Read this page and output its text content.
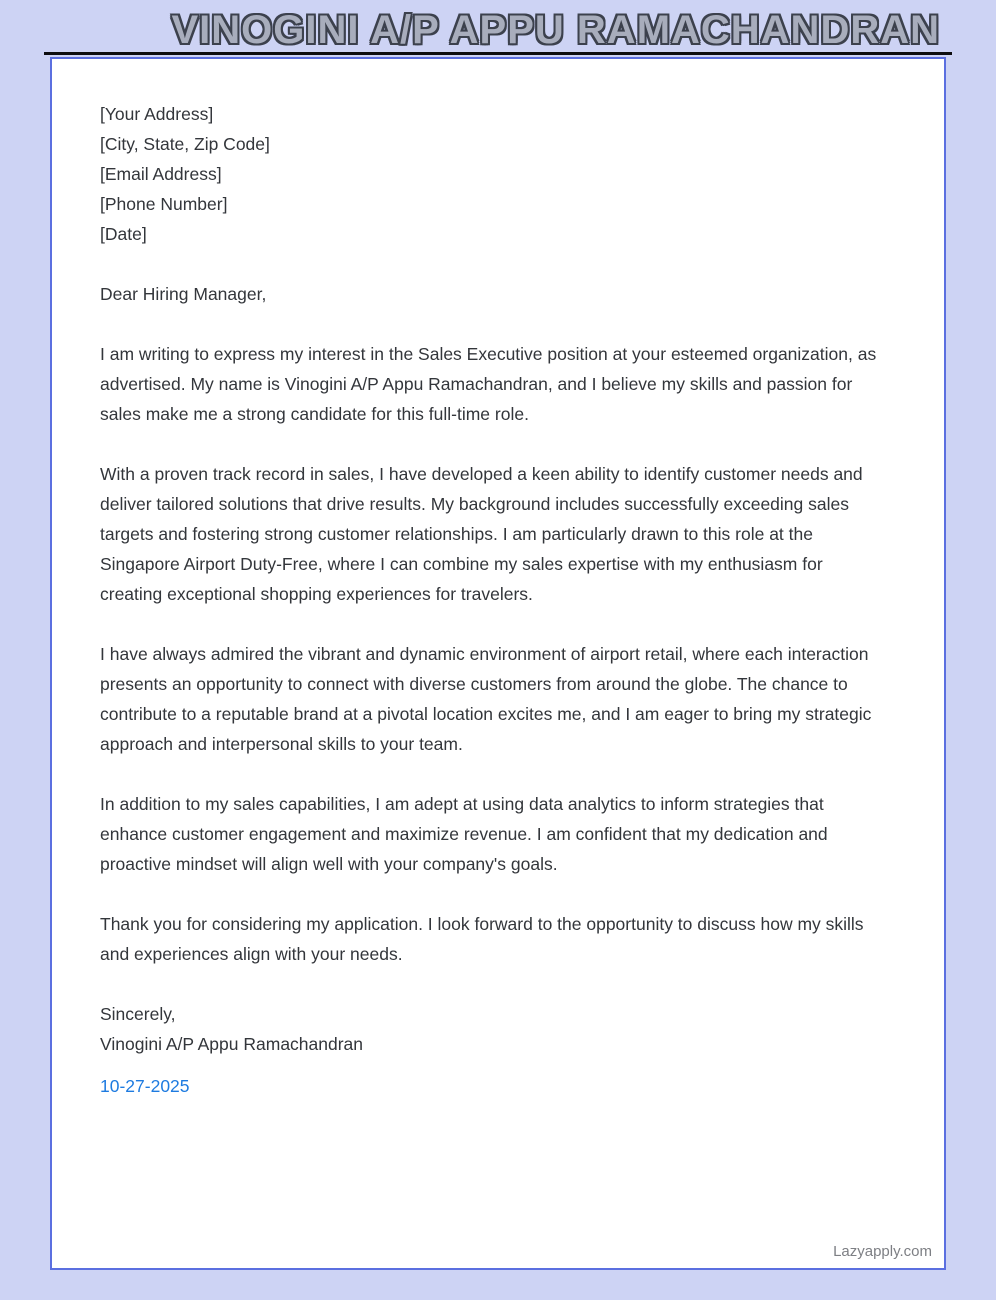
VINOGINI A/P APPU RAMACHANDRAN

[Your Address]

[City, State, Zip Code]

[Email Address]

[Phone Number]

[Date]

Dear Hiring Manager,

I am writing to express my interest in the Sales Executive position at your esteemed organization, as advertised. My name is Vinogini A/P Appu Ramachandran, and I believe my skills and passion for sales make me a strong candidate for this full-time role.

With a proven track record in sales, I have developed a keen ability to identify customer needs and deliver tailored solutions that drive results. My background includes successfully exceeding sales targets and fostering strong customer relationships. I am particularly drawn to this role at the Singapore Airport Duty-Free, where I can combine my sales expertise with my enthusiasm for creating exceptional shopping experiences for travelers.

I have always admired the vibrant and dynamic environment of airport retail, where each interaction presents an opportunity to connect with diverse customers from around the globe. The chance to contribute to a reputable brand at a pivotal location excites me, and I am eager to bring my strategic approach and interpersonal skills to your team.

In addition to my sales capabilities, I am adept at using data analytics to inform strategies that enhance customer engagement and maximize revenue. I am confident that my dedication and proactive mindset will align well with your company's goals.

Thank you for considering my application. I look forward to the opportunity to discuss how my skills and experiences align with your needs.

Sincerely,

Vinogini A/P Appu Ramachandran

10-27-2025
Lazyapply.com
